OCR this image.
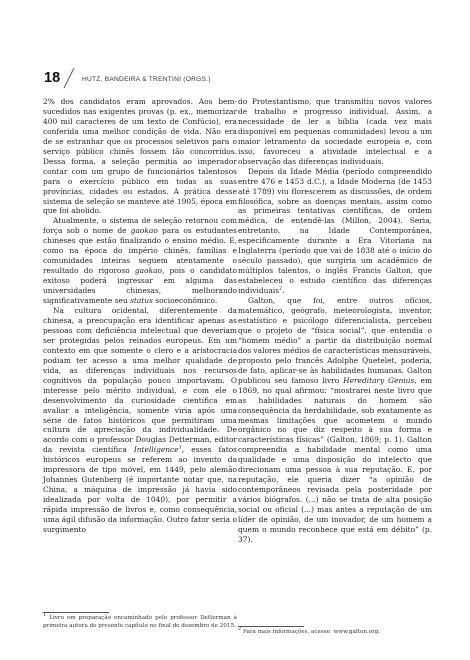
18	HUTZ, BANDEIRA & TRENTINI (ORGS.)

2% dos candidatos eram aprovados. Aos bem-sucedidos nas exigentes provas (p. ex., memorizar 400 mil caracteres de um texto de Confúcio), era conferida uma melhor condição de vida. Não era de se estranhar que os processos seletivos para o serviço público chinês fossem tão concorridos. Dessa forma, a seleção permitia ao imperador contar com um grupo de funcionários talentosos para o exercício público em todas as suas províncias, cidades ou estados. A prática desse sistema de seleção se manteve até 1905, época em que foi abolido.

Atualmente, o sistema de seleção retornou com força sob o nome de gaokao para os estudantes chineses que estão finalizando o ensino médio. E, como na época do império chinês, famílias e comunidades inteiras seguem atentamente o resultado do rigoroso gaokao, pois o candidato exitoso poderá ingressar em alguma das universidades chinesas, melhorando significativamente seu status socioeconômico.

Na cultura ocidental, diferentemente da chinesa, a preocupação era identificar apenas as pessoas com deficiência intelectual que deveriam ser protegidas pelos reinados europeus. Em um contexto em que somente o clero e a aristocracia podiam ter acesso a uma melhor qualidade de vida, as diferenças individuais nos recursos cognitivos da população pouco importavam. O interesse pelo mérito individual, e com ele o desenvolvimento da curiosidade científica em avaliar a inteligência, somente viria após uma série de fatos históricos que permitiram uma cultura de apreciação da individualidade. De acordo com o professor Douglas Detterman, editor da revista científica Intelligence$^1$, esses fatos históricos europeus se referem ao invento da impressora de tipo móvel, em 1449, pelo alemão Johannes Gutenberg (é importante notar que, na China, a máquina de impressão já havia sido idealizada por volta de 1040), por permitir a rápida impressão de livros e, como consequência, uma ágil difusão da informação. Outro fator seria o surgimento

do Protestantismo, que transmitiu novos valores de trabalho e progresso individual. Assim, a necessidade de ler a bíblia (cada vez mais disponível em pequenas comunidades) levou a um maior letramento da sociedade europeia e, com isso, favoreceu a atividade intelectual e a observação das diferenças individuais.

Depois da Idade Média (período compreendido entre 476 e 1453 d.C.), a Idade Moderna (de 1453 até 1789) viu florescerem as discussões, de ordem filosófica, sobre as doenças mentais, assim como as primeiras tentativas científicas, de ordem médica, de entendê-las (Millon, 2004). Seria, entretanto, na Idade Contemporânea, especificamente durante a Era Vitoriana na Inglaterra (período que vai de 1838 até o início do século passado), que surgiria um acadêmico de múltiplos talentos, o inglês Francis Galton, que estabeleceu o estudo científico das diferenças individuais$^2$.

Galton, que foi, entre outros ofícios, matemático, geógrafo, meteorologista, inventor, estatístico e psicólogo diferencialista, percebeu que o projeto de “física social”, que entendia o “homem médio” a partir da distribuição normal dos valores médios de características mensuráveis, proposto pelo francês Adolphe Quetelet, poderia, de fato, aplicar-se às habilidades humanas. Galton publicou seu famoso livro Hereditary Genius, em 1869, no qual afirmou: “mostrarei neste livro que as habilidades naturais do homem são consequência da herdabilidade, sob exatamente as mesmas limitações que acometem o mundo orgânico no que diz respeito à sua forma e características físicas” (Galton, 1869; p. 1). Galton compreendia a habilidade mental como uma qualidade e uma disposição do intelecto que direcionam uma pessoa à sua reputação. E, por reputação, ele queria dizer “a opinião de contemporâneos revisada pela posteridade por vários biógrafos. (...) não se trata de alta posição social ou oficial (...) mas antes a reputação de um líder de opinião, de um inovador, de um homem a quem o mundo reconhece que está em débito” (p. 37).

$^1$ Livro em preparação encaminhado pelo professor Detterman à primeira autora do presente capítulo no final de dezembro de 2015.
$^2$ Para mais informações, acesse: www.galton.org.
